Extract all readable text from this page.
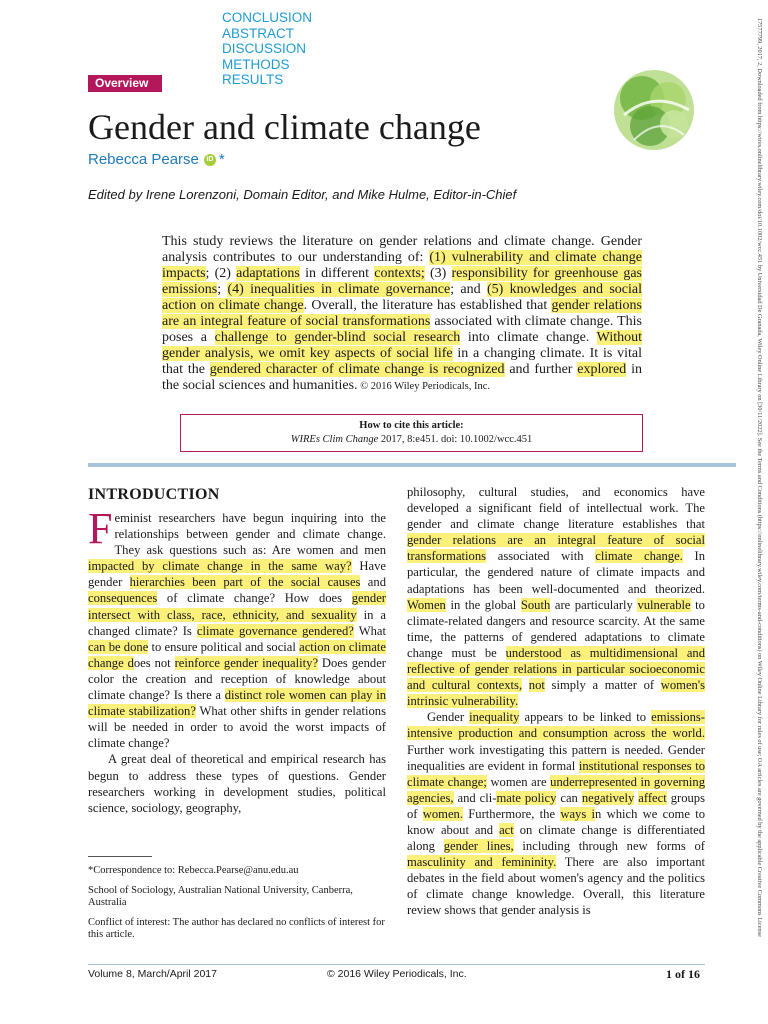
CONCLUSION
ABSTRACT
DISCUSSION
METHODS
RESULTS
Overview
Gender and climate change
Rebecca Pearse	iD *
Edited by Irene Lorenzoni, Domain Editor, and Mike Hulme, Editor-in-Chief
This study reviews the literature on gender relations and climate change. Gender analysis contributes to our understanding of: (1) vulnerability and climate change impacts; (2) adaptations in different contexts; (3) responsibility for greenhouse gas emissions; (4) inequalities in climate governance; and (5) knowledges and social action on climate change. Overall, the literature has established that gender relations are an integral feature of social transformations associated with climate change. This poses a challenge to gender-blind social research into climate change. Without gender analysis, we omit key aspects of social life in a changing climate. It is vital that the gendered character of climate change is recognized and further explored in the social sciences and humanities. © 2016 Wiley Periodicals, Inc.
How to cite this article:
WIREs Clim Change 2017, 8:e451. doi: 10.1002/wcc.451
INTRODUCTION

Feminist researchers have begun inquiring into the relationships between gender and climate change. They ask questions such as: Are women and men impacted by climate change in the same way? Have gender hierarchies been part of the social causes and consequences of climate change? How does gender intersect with class, race, ethnicity, and sexuality in a changed climate? Is climate governance gendered? What can be done to ensure political and social action on climate change does not reinforce gender inequality? Does gender color the creation and reception of knowledge about climate change? Is there a distinct role women can play in climate stabilization? What other shifts in gender relations will be needed in order to avoid the worst impacts of climate change?

A great deal of theoretical and empirical research has begun to address these types of questions. Gender researchers working in development studies, political science, sociology, geography,

philosophy, cultural studies, and economics have developed a significant field of intellectual work. The gender and climate change literature establishes that gender relations are an integral feature of social transformations associated with climate change. In particular, the gendered nature of climate impacts and adaptations has been well-documented and theorized. Women in the global South are particularly vulnerable to climate-related dangers and resource scarcity. At the same time, the patterns of gendered adaptations to climate change must be understood as multidimensional and reflective of gender relations in particular socioeconomic and cultural contexts, not simply a matter of women's intrinsic vulnerability.

Gender inequality appears to be linked to emissions-intensive production and consumption across the world. Further work investigating this pattern is needed. Gender inequalities are evident in formal institutional responses to climate change; women are underrepresented in governing agencies, and cli-mate policy can negatively affect groups of women. Furthermore, the ways in which we come to know about and act on climate change is differentiated along gender lines, including through new forms of masculinity and femininity. There are also important debates in the field about women's agency and the politics of climate change knowledge. Overall, this literature review shows that gender analysis is

*Correspondence to: Rebecca.Pearse@anu.edu.au
School of Sociology, Australian National University, Canberra, Australia
Conflict of interest: The author has declared no conflicts of interest for this article.
Volume 8, March/April 2017	© 2016 Wiley Periodicals, Inc.	1 of 16
17577799, 2017, 2, Downloaded from https://wires.onlinelibrary.wiley.com/doi/10.1002/wcc.451 by Universidad De Granada, Wiley Online Library on [30/11/2022]. See the Terms and Conditions (https://onlinelibrary.wiley.com/terms-and-conditions) on Wiley Online Library for rules of use; OA articles are governed by the applicable Creative Commons License
